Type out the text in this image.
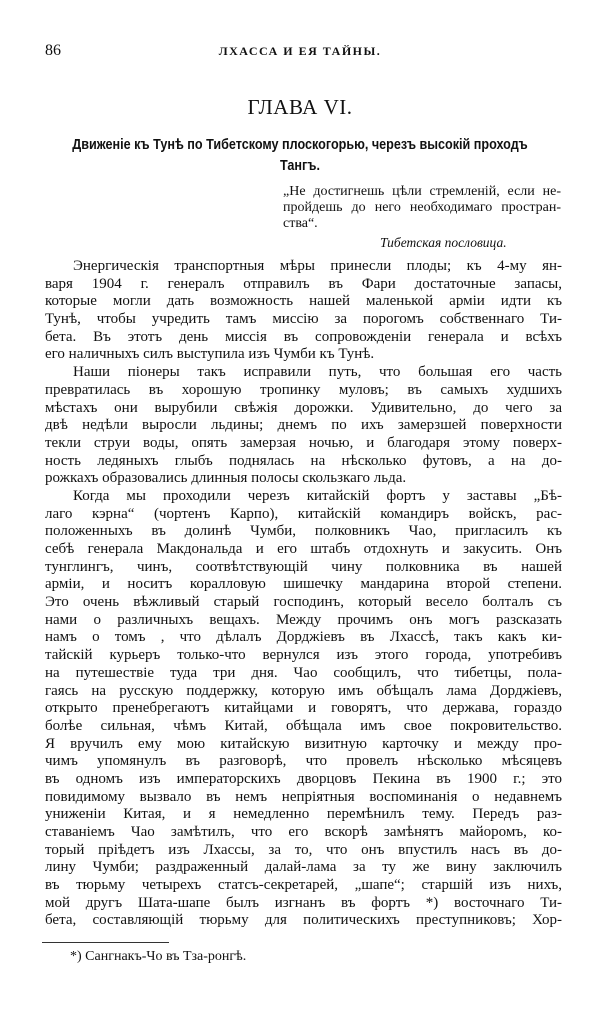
86	ЛХАССА И ЕЯ ТАЙНЫ.
ГЛАВА VI.
Движеніе къ Тунѣ по Тибетскому плоскогорью, черезъ высокій проходъ
Тангъ.
„Не достигнешь цѣли стремленій, если не-
пройдешь до него необходимаго простран-
ства“.
Тибетская пословица.
Энергическія транспортныя мѣры принесли плоды; къ 4-му ян-
варя 1904 г. генералъ отправилъ въ Фари достаточные запасы,
которые могли дать возможность нашей маленькой арміи идти къ
Тунѣ, чтобы учредить тамъ миссію за порогомъ собственнаго Ти-
бета. Въ этотъ день миссія въ сопровожденіи генерала и всѣхъ
его наличныхъ силъ выступила изъ Чумби къ Тунѣ.
Наши піонеры такъ исправили путь, что большая его часть
превратилась въ хорошую тропинку муловъ; въ самыхъ худшихъ
мѣстахъ они вырубили свѣжія дорожки. Удивительно, до чего за
двѣ недѣли выросли льдины; днемъ по ихъ замерзшей поверхности
текли струи воды, опять замерзая ночью, и благодаря этому поверх-
ность ледяныхъ глыбъ поднялась на нѣсколько футовъ, а на до-
рожкахъ образовались длинныя полосы скользкаго льда.
Когда мы проходили черезъ китайскій фортъ у заставы „Бѣ-
лаго кэрна“ (чортенъ Карпо), китайскій командиръ войскъ, рас-
положенныхъ въ долинѣ Чумби, полковникъ Чао, пригласилъ къ
себѣ генерала Макдональда и его штабъ отдохнуть и закусить. Онъ
тунглингъ, чинъ, соотвѣтствующій чину полковника въ нашей
арміи, и носитъ коралловую шишечку мандарина второй степени.
Это очень вѣжливый старый господинъ, который весело болталъ съ
нами о различныхъ вещахъ. Между прочимъ онъ могъ разсказать
намъ о томъ , что дѣлалъ Дорджіевъ въ Лхассѣ, такъ какъ ки-
тайскій курьеръ только-что вернулся изъ этого города, употребивъ
на путешествіе туда три дня. Чао сообщилъ, что тибетцы, пола-
гаясь на русскую поддержку, которую имъ обѣщалъ лама Дорджіевъ,
открыто пренебрегаютъ китайцами и говорятъ, что держава, гораздо
болѣе сильная, чѣмъ Китай, обѣщала имъ свое покровительство.
Я вручилъ ему мою китайскую визитную карточку и между про-
чимъ упомянулъ въ разговорѣ, что провелъ нѣсколько мѣсяцевъ
въ одномъ изъ императорскихъ дворцовъ Пекина въ 1900 г.; это
повидимому вызвало въ немъ непріятныя воспоминанія о недавнемъ
униженіи Китая, и я немедленно перемѣнилъ тему. Передъ раз-
ставаніемъ Чао замѣтилъ, что его вскорѣ замѣнятъ майоромъ, ко-
торый пріѣдетъ изъ Лхассы, за то, что онъ впустилъ насъ въ до-
лину Чумби; раздраженный далай-лама за ту же вину заключилъ
въ тюрьму четырехъ статсъ-секретарей, „шапе“; старшій изъ нихъ,
мой другъ Шата-шапе былъ изгнанъ въ фортъ *) восточнаго Ти-
бета, составляющій тюрьму для политическихъ преступниковъ; Хор-
*) Сангнакъ-Чо въ Тза-ронгѣ.
